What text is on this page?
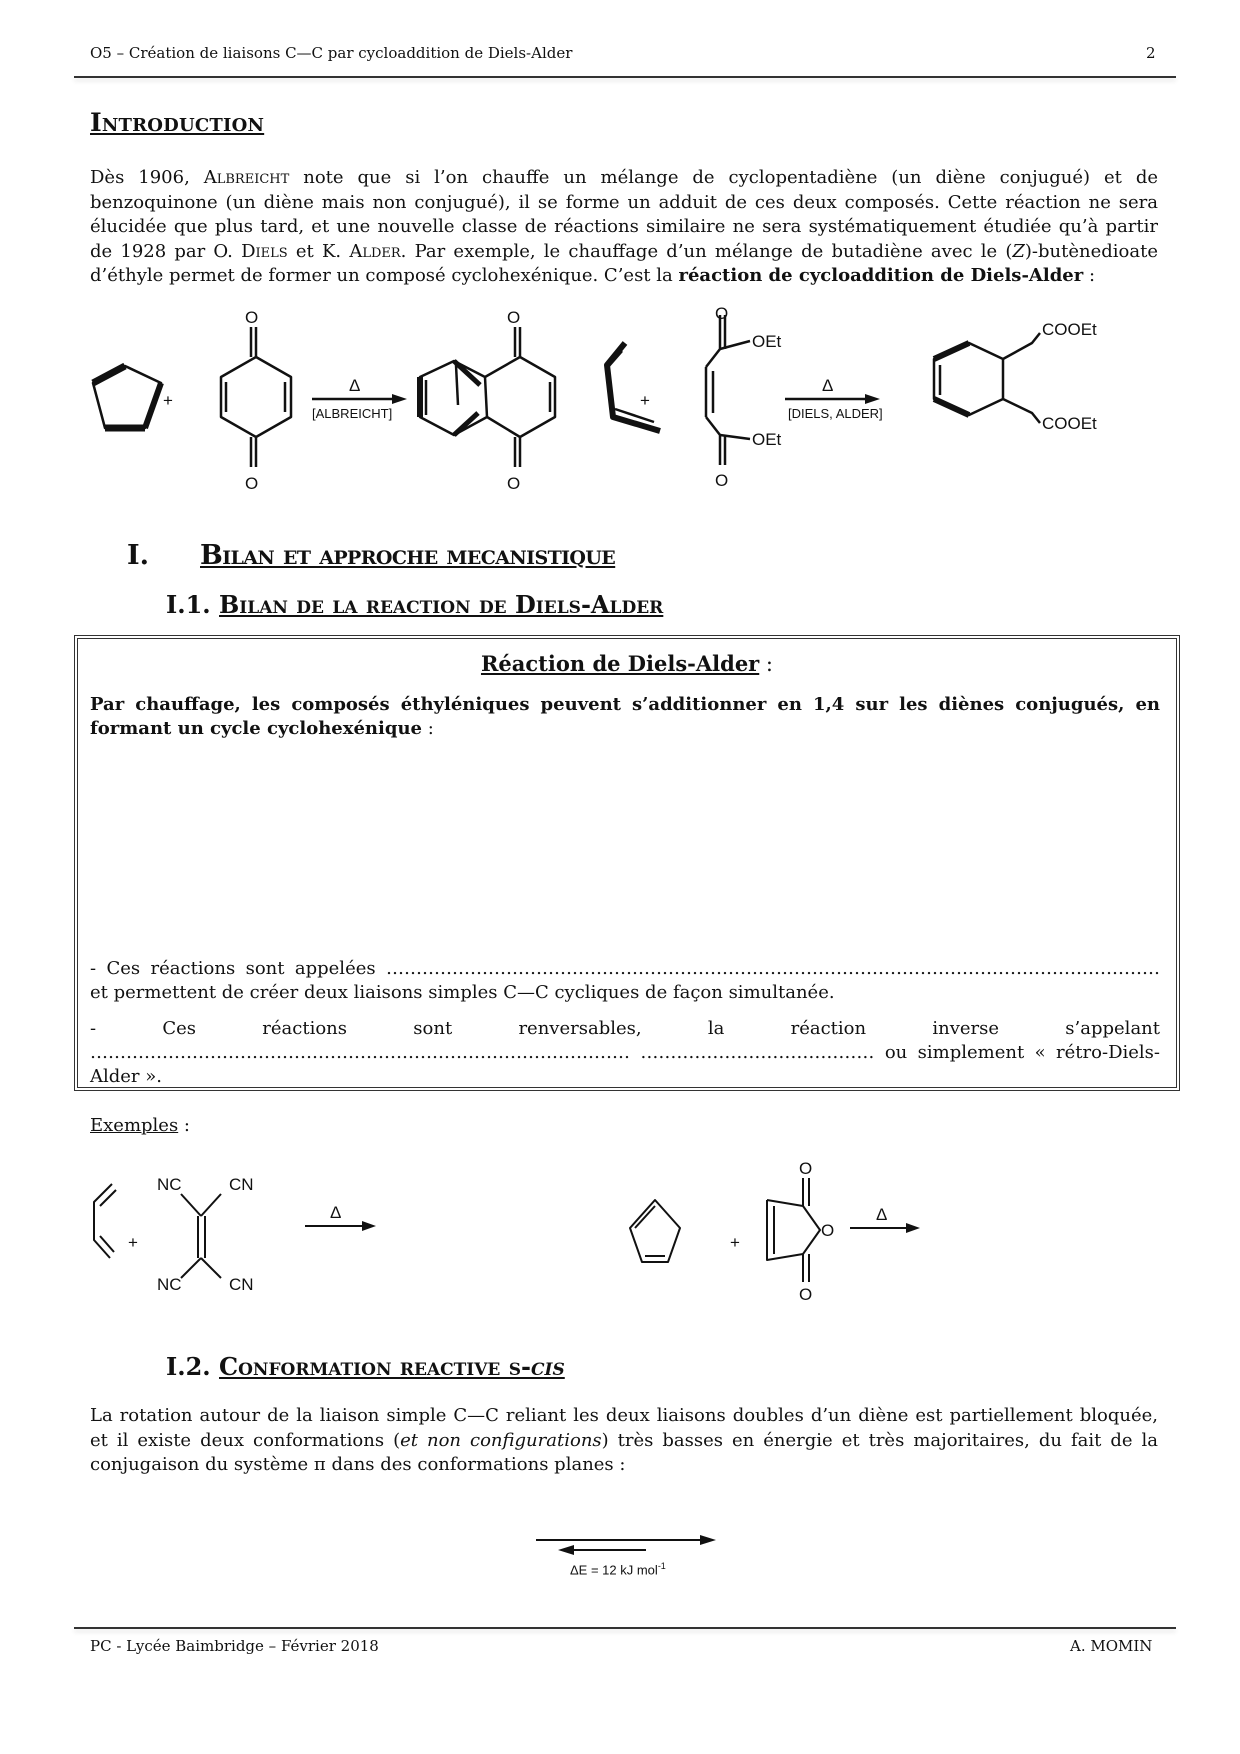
O5 – Création de liaisons C—C par cycloaddition de Diels-Alder	2
Introduction
Dès 1906, Albreicht note que si l’on chauffe un mélange de cyclopentadiène (un diène conjugué) et de benzoquinone (un diène mais non conjugué), il se forme un adduit de ces deux composés. Cette réaction ne sera élucidée que plus tard, et une nouvelle classe de réactions similaire ne sera systématiquement étudiée qu’à partir de 1928 par O. Diels et K. Alder. Par exemple, le chauffage d’un mélange de butadiène avec le (Z)-butènedioate d’éthyle permet de former un composé cyclohexénique. C’est la réaction de cycloaddition de Diels-Alder :
+
O
O
Δ
[ALBREICHT]
O
O
+
O
O
OEt
OEt
Δ
[DIELS, ALDER]
COOEt
COOEt
I. Bilan et approche mecanistique
I.1. Bilan de la reaction de Diels-Alder
Réaction de Diels-Alder :
Par chauffage, les composés éthyléniques peuvent s’additionner en 1,4 sur les diènes conjugués, en formant un cycle cyclohexénique :
- Ces réactions sont appelées ………………………………………………………………………………………………………………… et permettent de créer deux liaisons simples C—C cycliques de façon simultanée.
- Ces réactions sont renversables, la réaction inverse s’appelant ……………………………………………………………………………… ………………………………… ou simplement « rétro-Diels-Alder ».
Exemples :
+
NC	CN
NC	CN
Δ
+
O
O
O
Δ
I.2. Conformation reactive s-cis
La rotation autour de la liaison simple C—C reliant les deux liaisons doubles d’un diène est partiellement bloquée, et il existe deux conformations (et non configurations) très basses en énergie et très majoritaires, du fait de la conjugaison du système π dans des conformations planes :
ΔE = 12 kJ mol$^{-1}$
PC - Lycée Baimbridge – Février 2018	A. MOMIN
